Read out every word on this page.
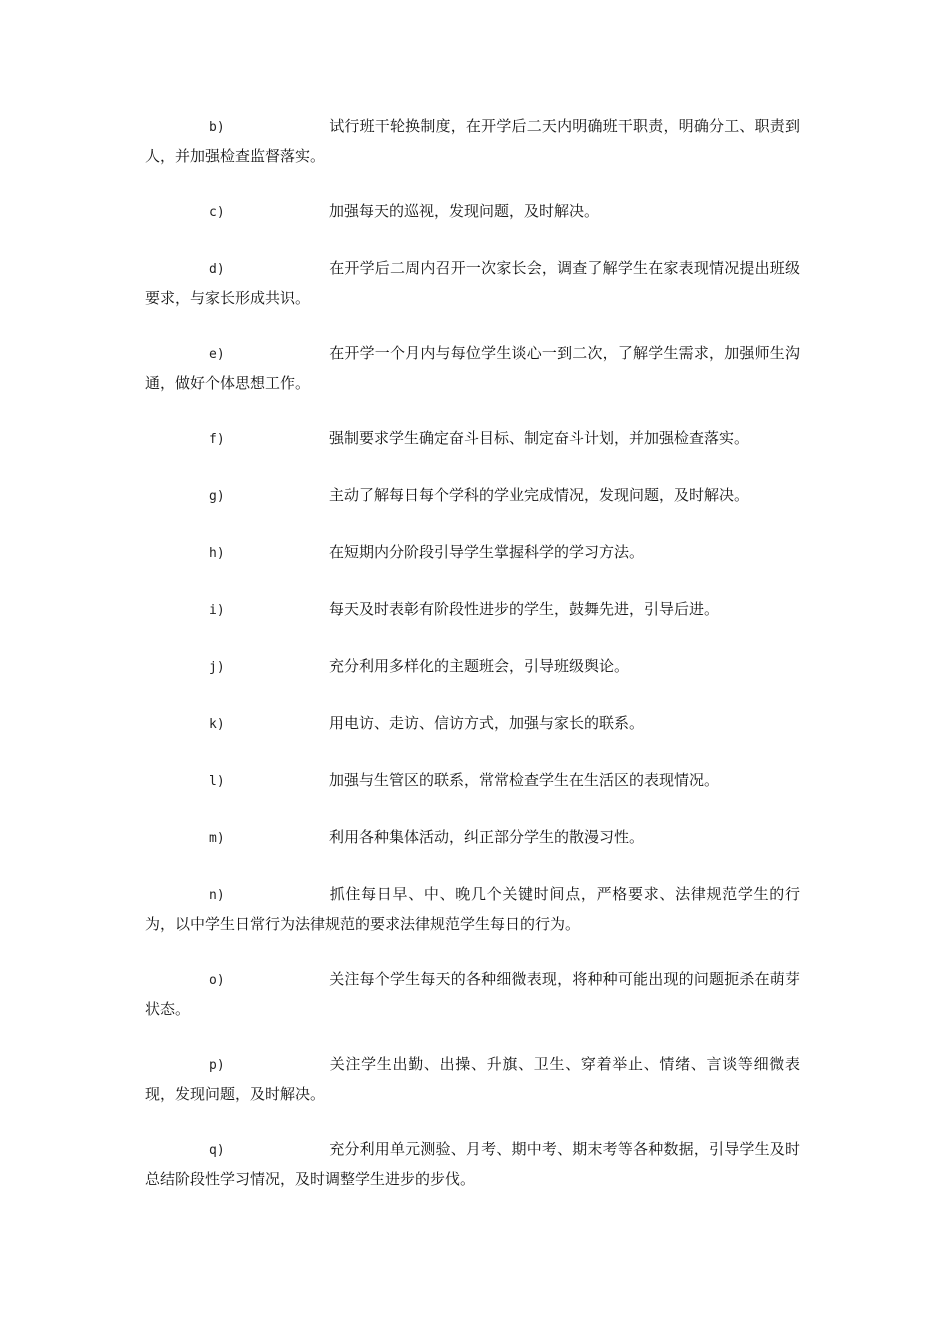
b)	试行班干轮换制度，在开学后二天内明确班干职责，明确分工、职责到人，并加强检查监督落实。

c)	加强每天的巡视，发现问题，及时解决。

d)	在开学后二周内召开一次家长会，调查了解学生在家表现情况提出班级要求，与家长形成共识。

e)	在开学一个月内与每位学生谈心一到二次，了解学生需求，加强师生沟通，做好个体思想工作。

f)	强制要求学生确定奋斗目标、制定奋斗计划，并加强检查落实。

g)	主动了解每日每个学科的学业完成情况，发现问题，及时解决。

h)	在短期内分阶段引导学生掌握科学的学习方法。

i)	每天及时表彰有阶段性进步的学生，鼓舞先进，引导后进。

j)	充分利用多样化的主题班会，引导班级舆论。

k)	用电访、走访、信访方式，加强与家长的联系。

l)	加强与生管区的联系，常常检查学生在生活区的表现情况。

m)	利用各种集体活动，纠正部分学生的散漫习性。

n)	抓住每日早、中、晚几个关键时间点，严格要求、法律规范学生的行为，以中学生日常行为法律规范的要求法律规范学生每日的行为。

o)	关注每个学生每天的各种细微表现，将种种可能出现的问题扼杀在萌芽状态。

p)	关注学生出勤、出操、升旗、卫生、穿着举止、情绪、言谈等细微表现，发现问题，及时解决。

q)	充分利用单元测验、月考、期中考、期末考等各种数据，引导学生及时总结阶段性学习情况，及时调整学生进步的步伐。
